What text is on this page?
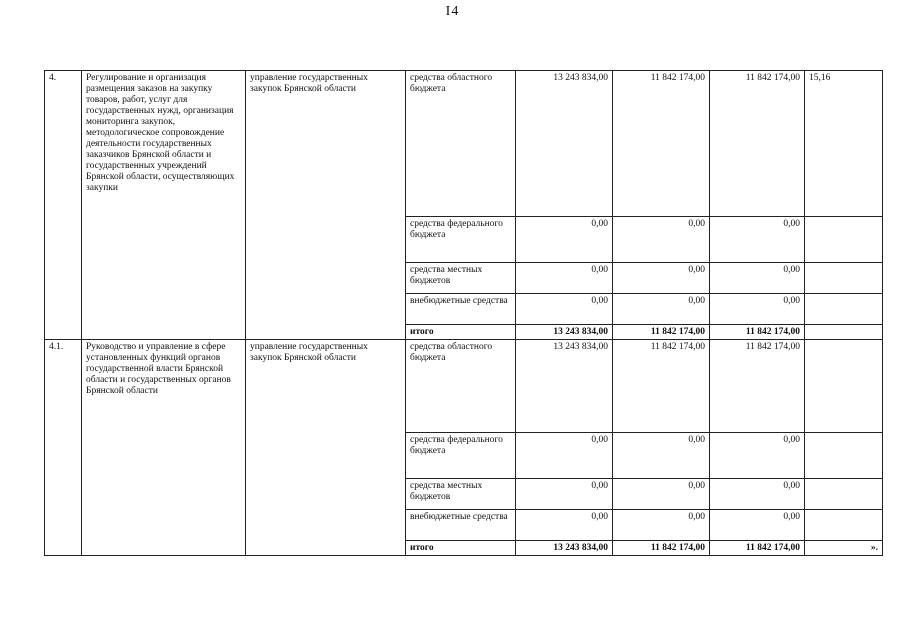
I4
4.	Регулирование и организация размещения заказов на закупку товаров, работ, услуг для государственных нужд, организация мониторинга закупок, методологическое сопровождение деятельности государственных заказчиков Брянской области и государственных учреждений Брянской области, осуществляющих закупки	управление государственных закупок Брянской области	средства областного бюджета	13 243 834,00	11 842 174,00	11 842 174,00	15,16
			средства федерального бюджета	0,00	0,00	0,00	
			средства местных бюджетов	0,00	0,00	0,00	
			внебюджетные средства	0,00	0,00	0,00	
			итого	13 243 834,00	11 842 174,00	11 842 174,00	
4.1.	Руководство и управление в сфере установленных функций органов государственной власти Брянской области и государственных органов Брянской области	управление государственных закупок Брянской области	средства областного бюджета	13 243 834,00	11 842 174,00	11 842 174,00	
			средства федерального бюджета	0,00	0,00	0,00	
			средства местных бюджетов	0,00	0,00	0,00	
			внебюджетные средства	0,00	0,00	0,00	
			итого	13 243 834,00	11 842 174,00	11 842 174,00	».
